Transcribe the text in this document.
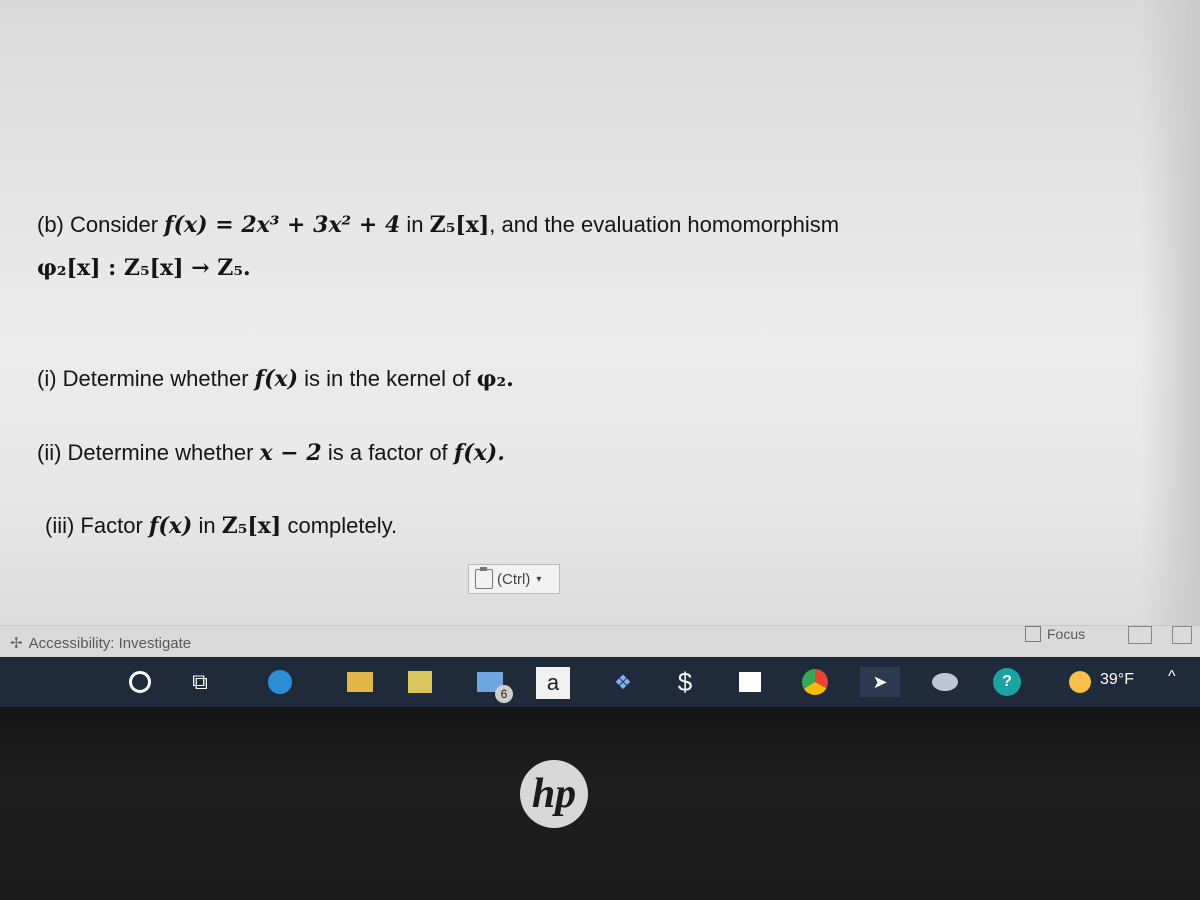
(b) Consider f(x) = 2x³ + 3x² + 4 in Z₅[x], and the evaluation homomorphism
φ₂[x] : Z₅[x] → Z₅.
(i) Determine whether f(x) is in the kernel of φ₂.
(ii) Determine whether x − 2 is a factor of f(x).
(iii) Factor f(x) in Z₅[x] completely.
(Ctrl) ▾
✢ Accessibility: Investigate
Focus
⧉	6	a	❖ $	➤	?	39°F ^
hp
